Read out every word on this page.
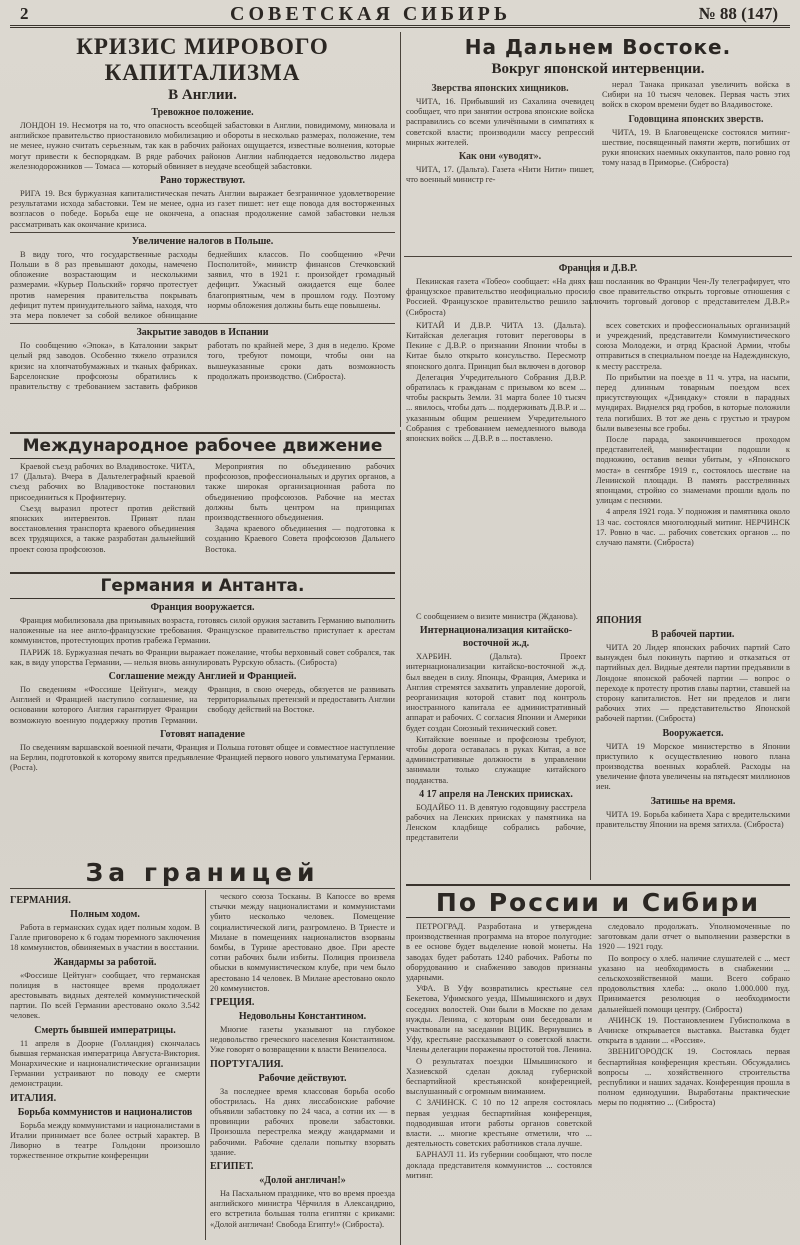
2	СОВЕТСКАЯ СИБИРЬ	№ 88 (147)
КРИЗИС МИРОВОГО КАПИТАЛИЗМА
В Англии.
Тревожное положение.

ЛОНДОН 19. Несмотря на то, что опасность всеобщей забастовки в Англии, повидимому, миновала и английское правительство приостановило мобилизацию и обороты в несколько размерах, положение, тем не менее, нужно считать серьезным, так как в рабочих районах ощущается, известные волнения, которые могут привести к беспорядкам. В ряде рабочих районов Англии наблюдается недовольство лидера железнодорожников — Томаса — который обвиняет в неудаче всеобщей забастовки.

Рано торжествуют.

РИГА 19. Вся буржуазная капиталистическая печать Англии выражает безграничное удовлетворение результатами исхода забастовки. Тем не менее, одна из газет пишет: нет еще повода для восторженных возгласов о победе. Борьба еще не окончена, а опасная продолжение самой забастовки нельзя рассматривать как окончание кризиса.

Увеличение налогов в Польше.

В виду того, что государственные расходы Польши в 8 раз превышают доходы, намечено обложение возрастающим и несколькими размерами. «Курьер Польский» горячо протестует против намерения правительства покрывать дефицит путем принудительного займа, находя, что эта мера повлечет за собой великое обнищание беднейших классов. По сообщению «Речи Посполитой», министр финансов Стечковский заявил, что в 1921 г. произойдет громадный дефицит. Ужасный ожидается еще более благоприятным, чем в прошлом году. Поэтому нормы обложения должны быть еще повышены.

Закрытие заводов в Испании

По сообщению «Эпока», в Каталонии закрыт целый ряд заводов. Особенно тяжело отразился кризис на хлопчатобумажных и тканых фабриках. Барселонские профсоюзы обратились к правительству с требованием заставить фабриков работать по крайней мере, 3 дня в неделю. Кроме того, требуют помощи, чтобы они на вышеуказанные сроки дать возможность продолжать производство. (Сиброста).

На Дальнем Востоке.
Вокруг японской интервенции.
Зверства японских хищников.

ЧИТА, 16. Прибывший из Сахалина очевидец сообщает, что при занятии острова японские войска расправились со всеми уличёнными в симпатиях к советской власти; производили массу репрессий мирных жителей.

Как они «уводят».

ЧИТА, 17. (Дальта). Газета «Нити Нити» пишет, что военный министр ге-

нерал Танака приказал увеличить войска в Сибири на 10 тысяч человек. Первая часть этих войск в скором времени будет во Владивостоке.

Годовщина японских зверств.

ЧИТА, 19. В Благовещенске состоялся митинг-шествие, посвященный памяти жертв, погибших от руки японских наемных оккупантов, пало ровно год тому назад в Приморье. (Сиброста)

Франция и Д.В.Р.

Пекинская газета «Тобео» сообщает: «На днях наш посланник во Франции Чен-Лу телеграфирует, что французское правительство неофициально просило свое правительство открыть торговые отношения с Россией. Французское правительство решило заключить торговый договор с представителем Д.В.Р.» (Сиброста)

КИТАЙ И Д.В.Р. ЧИТА 13. (Дальта). Китайская делегация готовит переговоры в Пекине с Д.В.Р. о признании Японии чтобы в Китае было открыто консульство. Пересмотр японского долга. Принцип был включен в договор

Делегация Учредительного Собрания Д.В.Р. обратилась к гражданам с призывом ко всем ... чтобы раскрыть Земли. 31 марта более 10 тысяч ... явилось, чтобы дать ... поддерживать Д.В.Р. и ... указанным общим решением Учредительного Собрания с требованием немедленного вывода японских войск ... Д.В.Р. в ... поставлено.

всех советских и профессиональных организаций и учреждений, представители Коммунистического союза Молодежи, и отряд Красной Армии, чтобы отправиться в специальном поезде на Надеждинскую, к месту расстрела.

По прибытии на поезде в 11 ч. утра, на насыпи, перед длинным товарным поездом всех присутствующих «Дзиндаку» стояли в парадных мундирах. Виднелся ряд гробов, в которые положили тела погибших. В тот же день с грустью и трауром были вывезены все гробы.

После парада, закончившегося проходом представителей, манифестации подошли к подножию, оставив венки убитым, у «Японского моста» в сентябре 1919 г., состоялось шествие на Ленинской площади. В память расстрелянных японцами, стройно со знаменами прошли вдоль по улицам с песнями.

4 апреля 1921 года. У подножия и памятника около 13 час. состоялся многолюдный митинг. НЕРЧИНСК 17. Ровно в час. ... рабочих советских органов ... по случаю памяти. (Сиброста)

ЯПОНИЯ
В рабочей партии.

ЧИТА 20 Лидер японских рабочих партий Сато вынужден был покинуть партию и отказаться от партийных дел. Видные деятели партии предъявили в Лондоне японской рабочей партии — вопрос о переходе к протесту против главы партии, ставшей на сторону капиталистов. Нет ни пределов и лиги рабочих этих — представительство Японской рабочей партии. (Сиброста)

Вооружается.

ЧИТА 19 Морское министерство в Японии приступило к осуществлению нового плана производства военных кораблей. Расходы на увеличение флота увеличены на пятьдесят миллионов иен.

Затишье на время.

ЧИТА 19. Борьба кабинета Хара с вредительскими правительству Японии на время затихла. (Сиброста)

Международное рабочее движение

Краевой съезд рабочих во Владивостоке. ЧИТА, 17 (Дальта). Вчера в Дальтелеграфный краевой съезд рабочих во Владивостоке постановил присоединиться к Профинтерну.

Съезд выразил протест против действий японских интервентов. Принят план восстановления транспорта краевого объединения всех трудящихся, а также разработан дальнейший проект союза профсоюзов.

Мероприятия по объединению рабочих профсоюзов, профессиональных и других органов, а также широкая организационная работа по объединению профсоюзов. Рабочие на местах должны быть центром на принципах производственного объединения.

Задача краевого объединения — подготовка к созданию Краевого Совета профсоюзов Дальнего Востока.

Германия и Антанта.
Франция вооружается.

Франция мобилизовала два призывных возраста, готовясь силой оружия заставить Германию выполнить наложенные на нее англо-французские требования. Французское правительство приступает к арестам коммунистов, протестующих против грабежа Германии.

ПАРИЖ 18. Буржуазная печать во Франции выражает пожелание, чтобы верховный совет собрался, так как, в виду упорства Германии, — нельзя вновь аннулировать Рурскую область. (Сиброста)

Соглашение между Англией и Францией.

По сведениям «Фоссише Цейтунг», между Англией и Францией наступило соглашение, на основании которого Англия гарантирует Франции возможную военную поддержку против Германии. Франция, в свою очередь, обязуется не развивать территориальных претензий и предоставить Англии свободу действий на Востоке.

Готовят нападение

По сведениям варшавской военной печати, Франция и Польша готовят общее и совместное наступление на Берлин, подготовкой к которому явится предъявление Францией первого нового ультиматума Германии. (Роста).

С сообщением о визите министра (Жданова).

Интернационализация китайско-восточной ж.д.

ХАРБИН. (Дальта). Проект интернационализации китайско-восточной ж.д. был введен в силу. Японцы, Франция, Америка и Англия стремятся захватить управление дорогой, реорганизация которой ставит под контроль иностранного капитала ее административный аппарат и рабочих. С согласия Японии и Америки будет создан Союзный технический совет.

Китайские военные и профсоюзы требуют, чтобы дорога оставалась в руках Китая, а все административные должности в управлении занимали только служащие китайского подданства.

4 17 апреля на Ленских приисках.

БОДАЙБО 11. В девятую годовщину расстрела рабочих на Ленских приисках у памятника на Ленском кладбище собрались рабочие, представители

За границей
ГЕРМАНИЯ.
Полным ходом.

Работа в германских судах идет полным ходом. В Галле приговорено к 6 годам тюремного заключения 18 коммунистов, обвиняемых в участии в восстании.

Жандармы за работой.

«Фоссише Цейтунг» сообщает, что германская полиция в настоящее время продолжает арестовывать видных деятелей коммунистической партии. По всей Германии арестовано около 3.542 человек.

Смерть бывшей императрицы.

11 апреля в Доорне (Голландия) скончалась бывшая германская императрица Августа-Виктория. Монархические и националистические организации Германии устраивают по поводу ее смерти демонстрации.

ИТАЛИЯ.
Борьба коммунистов и националистов

Борьба между коммунистами и националистами в Италии принимает все более острый характер. В Ливорно в театре Гольдони произошло торжественное открытие конференции

ческого союза Тосканы. В Капоссе во время стычки между националистами и коммунистами убито несколько человек. Помещение социалистической лиги, разгромлено. В Триесте и Милане в помещениях националистов взорваны бомбы, в Турине арестовано двое. При аресте сотни рабочих были избиты. Полиция произвела обыски в коммунистическом клубе, при чем было арестовано 14 человек. В Милане арестовано около 20 коммунистов.

ГРЕЦИЯ.
Недовольны Константином.

Многие газеты указывают на глубокое недовольство греческого населения Константином. Уже говорят о возвращении к власти Венизелоса.

ПОРТУГАЛИЯ.
Рабочие действуют.

За последнее время классовая борьба особо обострилась. На днях лиссабонские рабочие объявили забастовку по 24 часа, а сотни их — в провинции рабочих провели забастовки. Произошла перестрелка между жандармами и рабочими. Рабочие сделали попытку взорвать здание.

ЕГИПЕТ.
«Долой англичан!»

На Пасхальном празднике, что во время проезда английского министра Чёрчилля в Александрию, его встретила большая толпа египтян с криками: «Долой англичан! Свобода Египту!» (Сиброста).

По России и Сибири

ПЕТРОГРАД. Разработана и утверждена производственная программа на второе полугодие: в ее основе будет выделение новой монеты. На заводах будет работать 1240 рабочих. Работы по оборудованию и снабжению заводов признаны ударными.

УФА. В Уфу возвратились крестьяне сел Бекетова, Уфимского уезда, Шмышинского и двух соседних волостей. Они были в Москве по делам нужды. Ленина, с которым они беседовали и участвовали на заседании ВЦИК. Вернувшись в Уфу, крестьяне рассказывают о советской власти. Члены делегации поражены простотой тов. Ленина.

О результатах поездки Шмышинского и Хазиевской сделан доклад губернской беспартийной крестьянской конференцией, выслушанный с огромным вниманием.

С ЗАЧИНСК. С 10 по 12 апреля состоялась первая уездная беспартийная конференция, подводившая итоги работы органов советской власти. ... многие крестьяне отметили, что ... деятельность советских работников стала лучше.

БАРНАУЛ 11. Из губернии сообщают, что после доклада представителя коммунистов ... состоялся митинг.

следовало продолжать. Уполномоченные по заготовкам дали отчет о выполнении разверстки в 1920 — 1921 году.

По вопросу о хлеб. наличие слушателей с ... мест указано на необходимость в снабжении ... сельскохозяйственной маши. Всего собрано продовольствия хлеба: ... около 1.000.000 пуд. Принимается резолюция о необходимости дальнейшей помощи центру. (Сиброста)

АЧИНСК 19. Постановлением Губисполкома в Ачинске открывается выставка. Выставка будет открыта в здании ... «Россия».

ЗВЕНИГОРОДСК 19. Состоялась первая беспартийная конференция крестьян. Обсуждались вопросы ... хозяйственного строительства республики и наших задачах. Конференция прошла в полном единодушии. Выработаны практические меры по поднятию ... (Сиброста)
